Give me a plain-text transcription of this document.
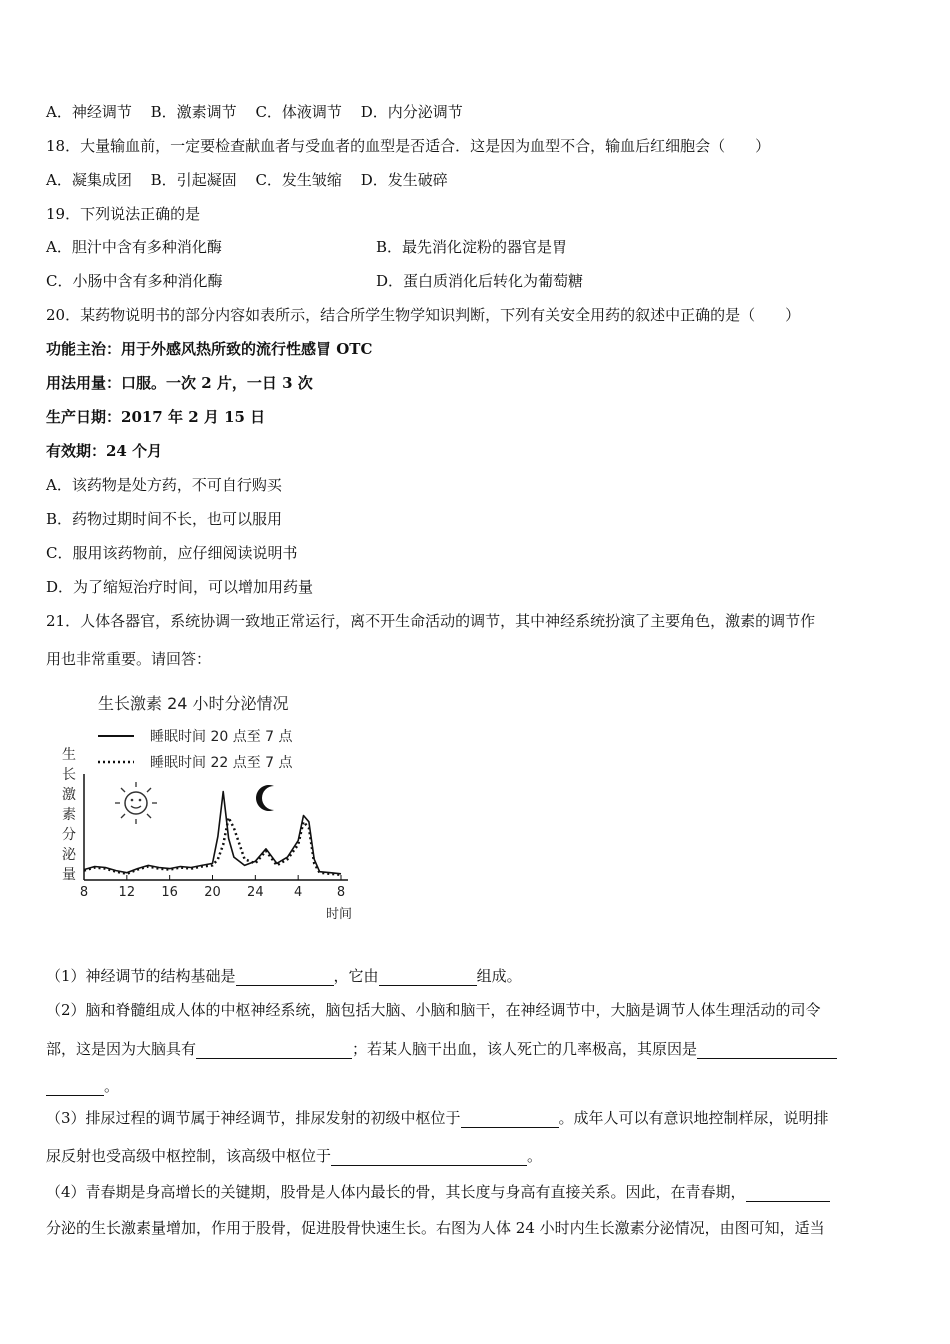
A．神经调节 B．激素调节 C．体液调节 D．内分泌调节
18．大量输血前，一定要检查献血者与受血者的血型是否适合．这是因为血型不合，输血后红细胞会（　　）
A．凝集成团 B．引起凝固 C．发生皱缩 D．发生破碎
19．下列说法正确的是
A．胆汁中含有多种消化酶	B．最先消化淀粉的器官是胃
C．小肠中含有多种消化酶	D．蛋白质消化后转化为葡萄糖
20．某药物说明书的部分内容如表所示，结合所学生物学知识判断，下列有关安全用药的叙述中正确的是（　　）
功能主治：用于外感风热所致的流行性感冒 OTC
用法用量：口服。一次 2 片，一日 3 次
生产日期：2017 年 2 月 15 日
有效期：24 个月
A．该药物是处方药，不可自行购买
B．药物过期时间不长，也可以服用
C．服用该药物前，应仔细阅读说明书
D．为了缩短治疗时间，可以增加用药量
21．人体各器官，系统协调一致地正常运行，离不开生命活动的调节，其中神经系统扮演了主要角色，激素的调节作
用也非常重要。请回答：
生长激素 24 小时分泌情况
睡眠时间 20 点至 7 点
睡眠时间 22 点至 7 点
生
长
激
素
分
泌
量
8 12 16 20 24 4	8
时间
（1）神经调节的结构基础是	，它由	组成。
（2）脑和脊髓组成人体的中枢神经系统，脑包括大脑、小脑和脑干，在神经调节中，大脑是调节人体生理活动的司令
部，这是因为大脑具有	；若某人脑干出血，该人死亡的几率极高，其原因是
。
（3）排尿过程的调节属于神经调节，排尿发射的初级中枢位于	。成年人可以有意识地控制样尿，说明排
尿反射也受高级中枢控制，该高级中枢位于	。
（4）青春期是身高增长的关键期，股骨是人体内最长的骨，其长度与身高有直接关系。因此，在青春期，
分泌的生长激素量增加，作用于股骨，促进股骨快速生长。右图为人体 24 小时内生长激素分泌情况，由图可知，适当
